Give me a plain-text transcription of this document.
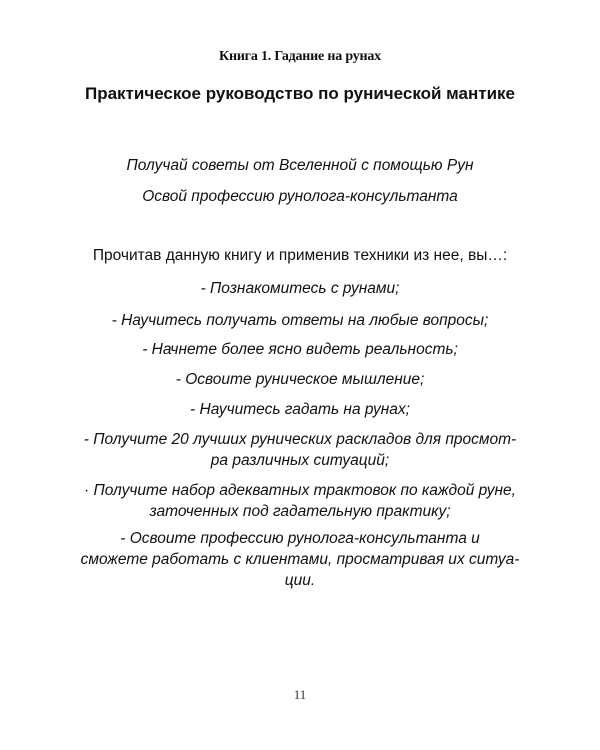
Книга 1. Гадание на рунах
Практическое руководство по рунической мантике
Получай советы от Вселенной с помощью Рун
Освой профессию рунолога-консультанта
Прочитав данную книгу и применив техники из нее, вы…:
- Познакомитесь с рунами;
- Научитесь получать ответы на любые вопросы;
- Начнете более ясно видеть реальность;
- Освоите руническое мышление;
- Научитесь гадать на рунах;
- Получите 20 лучших рунических раскладов для просмот-
ра различных ситуаций;
· Получите набор адекватных трактовок по каждой руне,
заточенных под гадательную практику;
- Освоите профессию рунолога-консультанта и
сможете работать с клиентами, просматривая их ситуа-
ции.
11
